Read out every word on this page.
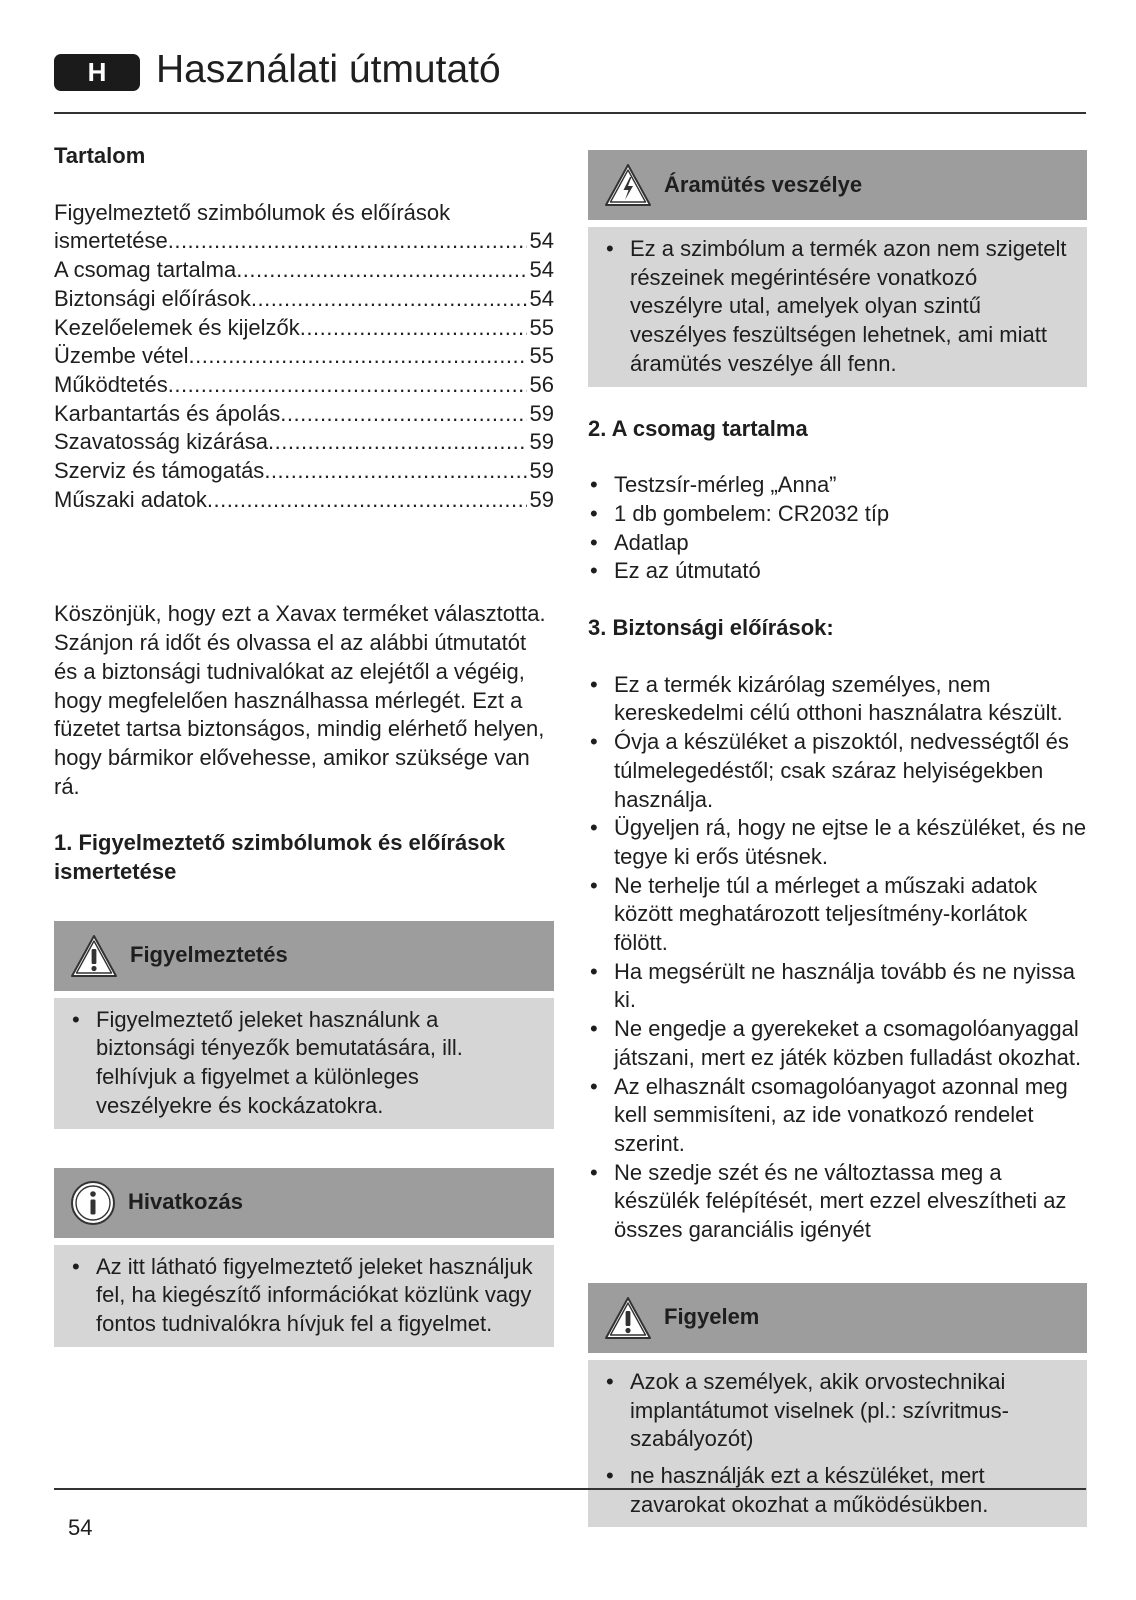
H	Használati útmutató
Tartalom
Figyelmeztető szimbólumok és előírások
ismertetése .....	54
A csomag tartalma .....	54
Biztonsági előírások .....	54
Kezelőelemek és kijelzők .....	55
Üzembe vétel .....	55
Működtetés .....	56
Karbantartás és ápolás .....	59
Szavatosság kizárása .....	59
Szerviz és támogatás .....	59
Műszaki adatok .....	59

Köszönjük, hogy ezt a Xavax terméket választotta. Szánjon rá időt és olvassa el az alábbi útmutatót és a biztonsági tudnivalókat az elejétől a végéig, hogy megfelelően használhassa mérlegét. Ezt a füzetet tartsa biztonságos, mindig elérhető helyen, hogy bármikor elővehesse, amikor szüksége van rá.

1. Figyelmeztető szimbólumok és előírások ismertetése
Figyelmeztetés
• Figyelmeztető jeleket használunk a biztonsági tényezők bemutatására, ill. felhívjuk a figyelmet a különleges veszélyekre és kockázatokra.
Hivatkozás
• Az itt látható figyelmeztető jeleket használjuk fel, ha kiegészítő információkat közlünk vagy fontos tudnivalókra hívjuk fel a figyelmet.
Áramütés veszélye
• Ez a szimbólum a termék azon nem szigetelt részeinek megérintésére vonatkozó veszélyre utal, amelyek olyan szintű veszélyes feszültségen lehetnek, ami miatt áramütés veszélye áll fenn.
2. A csomag tartalma
• Testzsír-mérleg „Anna”
• 1 db gombelem: CR2032 típ
• Adatlap
• Ez az útmutató
3. Biztonsági előírások:
• Ez a termék kizárólag személyes, nem kereskedelmi célú otthoni használatra készült.
• Óvja a készüléket a piszoktól, nedvességtől és túlmelegedéstől; csak száraz helyiségekben használja.
• Ügyeljen rá, hogy ne ejtse le a készüléket, és ne tegye ki erős ütésnek.
• Ne terhelje túl a mérleget a műszaki adatok között meghatározott teljesítmény-korlátok fölött.
• Ha megsérült ne használja tovább és ne nyissa ki.
• Ne engedje a gyerekeket a csomagolóanyaggal játszani, mert ez játék közben fulladást okozhat.
• Az elhasznált csomagolóanyagot azonnal meg kell semmisíteni, az ide vonatkozó rendelet szerint.
• Ne szedje szét és ne változtassa meg a készülék felépítését, mert ezzel elveszítheti az összes garanciális igényét
Figyelem
• Azok a személyek, akik orvostechnikai implantátumot viselnek (pl.: szívritmus-szabályozót)
• ne használják ezt a készüléket, mert zavarokat okozhat a működésükben.
54
